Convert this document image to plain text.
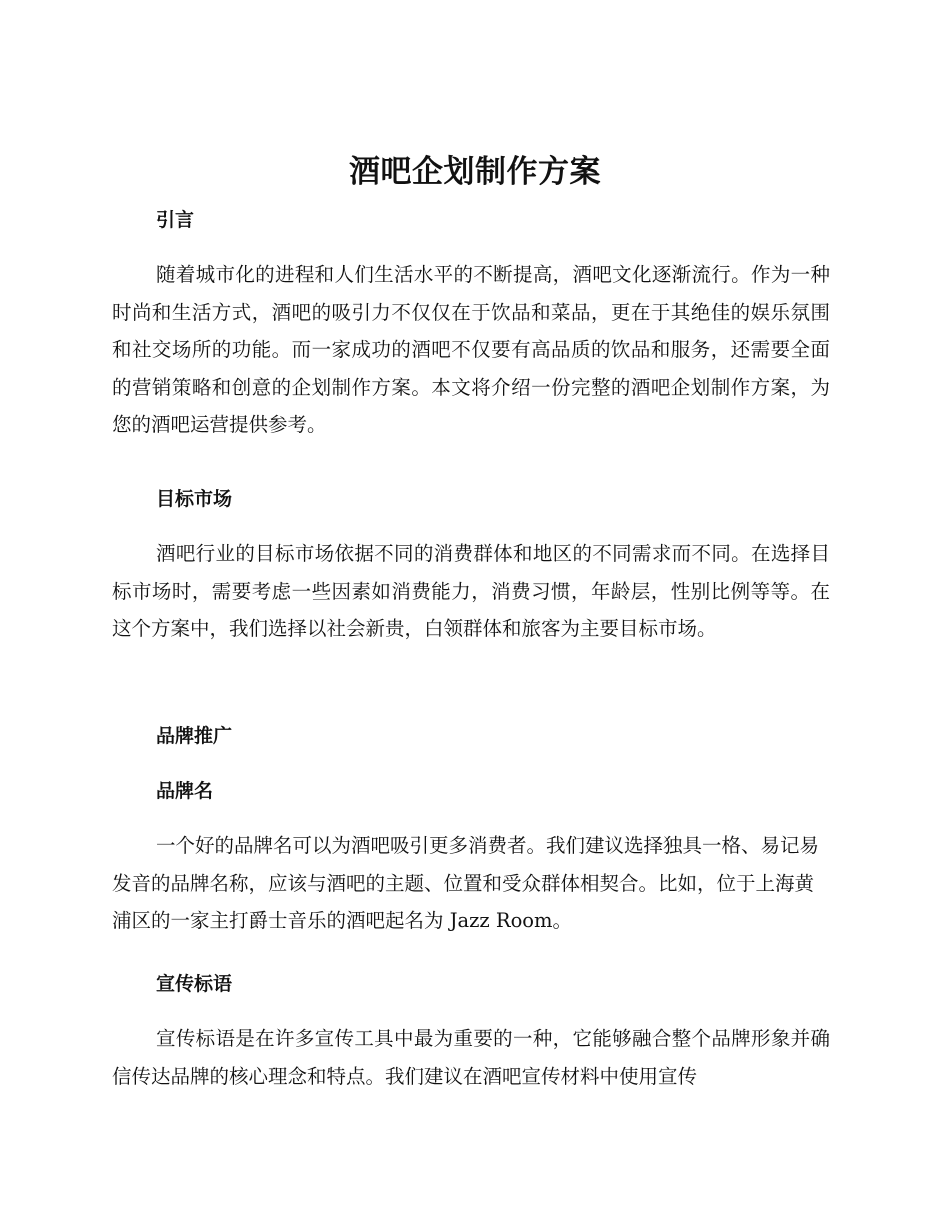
酒吧企划制作方案
引言

随着城市化的进程和人们生活水平的不断提高，酒吧文化逐渐流行。作为一种时尚和生活方式，酒吧的吸引力不仅仅在于饮品和菜品，更在于其绝佳的娱乐氛围和社交场所的功能。而一家成功的酒吧不仅要有高品质的饮品和服务，还需要全面的营销策略和创意的企划制作方案。本文将介绍一份完整的酒吧企划制作方案，为您的酒吧运营提供参考。

目标市场

酒吧行业的目标市场依据不同的消费群体和地区的不同需求而不同。在选择目标市场时，需要考虑一些因素如消费能力，消费习惯，年龄层，性别比例等等。在这个方案中，我们选择以社会新贵，白领群体和旅客为主要目标市场。

品牌推广
品牌名

一个好的品牌名可以为酒吧吸引更多消费者。我们建议选择独具一格、易记易发音的品牌名称，应该与酒吧的主题、位置和受众群体相契合。比如，位于上海黄浦区的一家主打爵士音乐的酒吧起名为 Jazz Room。

宣传标语

宣传标语是在许多宣传工具中最为重要的一种，它能够融合整个品牌形象并确信传达品牌的核心理念和特点。我们建议在酒吧宣传材料中使用宣传
